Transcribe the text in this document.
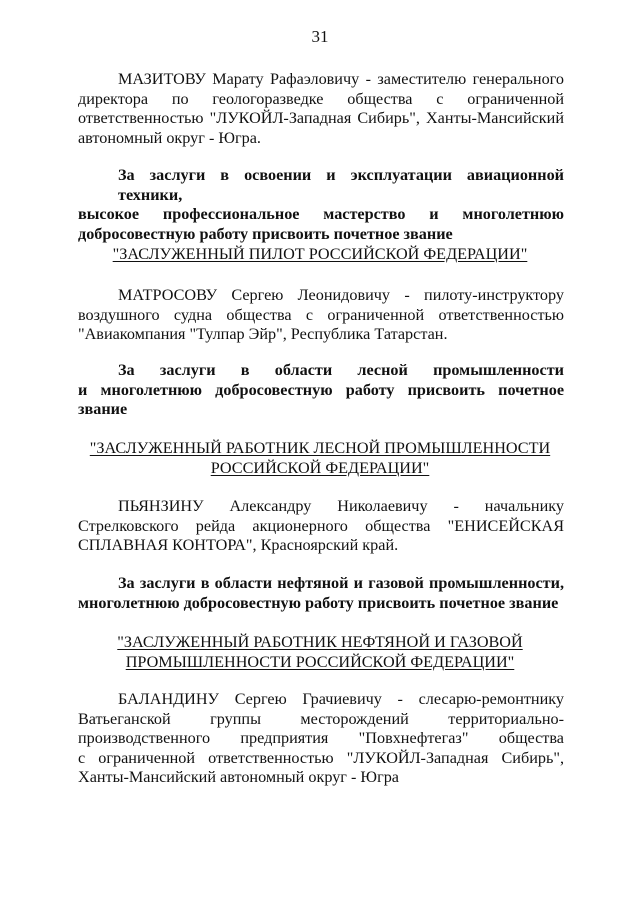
31
МАЗИТОВУ Марату Рафаэловичу - заместителю генерального
директора по геологоразведке общества с ограниченной
ответственностью "ЛУКОЙЛ-Западная Сибирь", Ханты-Мансийский
автономный округ - Югра.
За заслуги в освоении и эксплуатации авиационной техники,
высокое профессиональное мастерство и многолетнюю
добросовестную работу присвоить почетное звание
"ЗАСЛУЖЕННЫЙ ПИЛОТ РОССИЙСКОЙ ФЕДЕРАЦИИ"
МАТРОСОВУ Сергею Леонидовичу - пилоту-инструктору
воздушного судна общества с ограниченной ответственностью
"Авиакомпания "Тулпар Эйр", Республика Татарстан.
За заслуги в области лесной промышленности
и многолетнюю добросовестную работу присвоить почетное
звание
"ЗАСЛУЖЕННЫЙ РАБОТНИК ЛЕСНОЙ ПРОМЫШЛЕННОСТИ
РОССИЙСКОЙ ФЕДЕРАЦИИ"
ПЬЯНЗИНУ Александру Николаевичу - начальнику
Стрелковского рейда акционерного общества "ЕНИСЕЙСКАЯ
СПЛАВНАЯ КОНТОРА", Красноярский край.
За заслуги в области нефтяной и газовой промышленности,
многолетнюю добросовестную работу присвоить почетное звание
"ЗАСЛУЖЕННЫЙ РАБОТНИК НЕФТЯНОЙ И ГАЗОВОЙ
ПРОМЫШЛЕННОСТИ РОССИЙСКОЙ ФЕДЕРАЦИИ"
БАЛАНДИНУ Сергею Грачиевичу - слесарю-ремонтнику
Ватьеганской группы месторождений территориально-
производственного предприятия "Повхнефтегаз" общества
с ограниченной ответственностью "ЛУКОЙЛ-Западная Сибирь",
Ханты-Мансийский автономный округ - Югра
